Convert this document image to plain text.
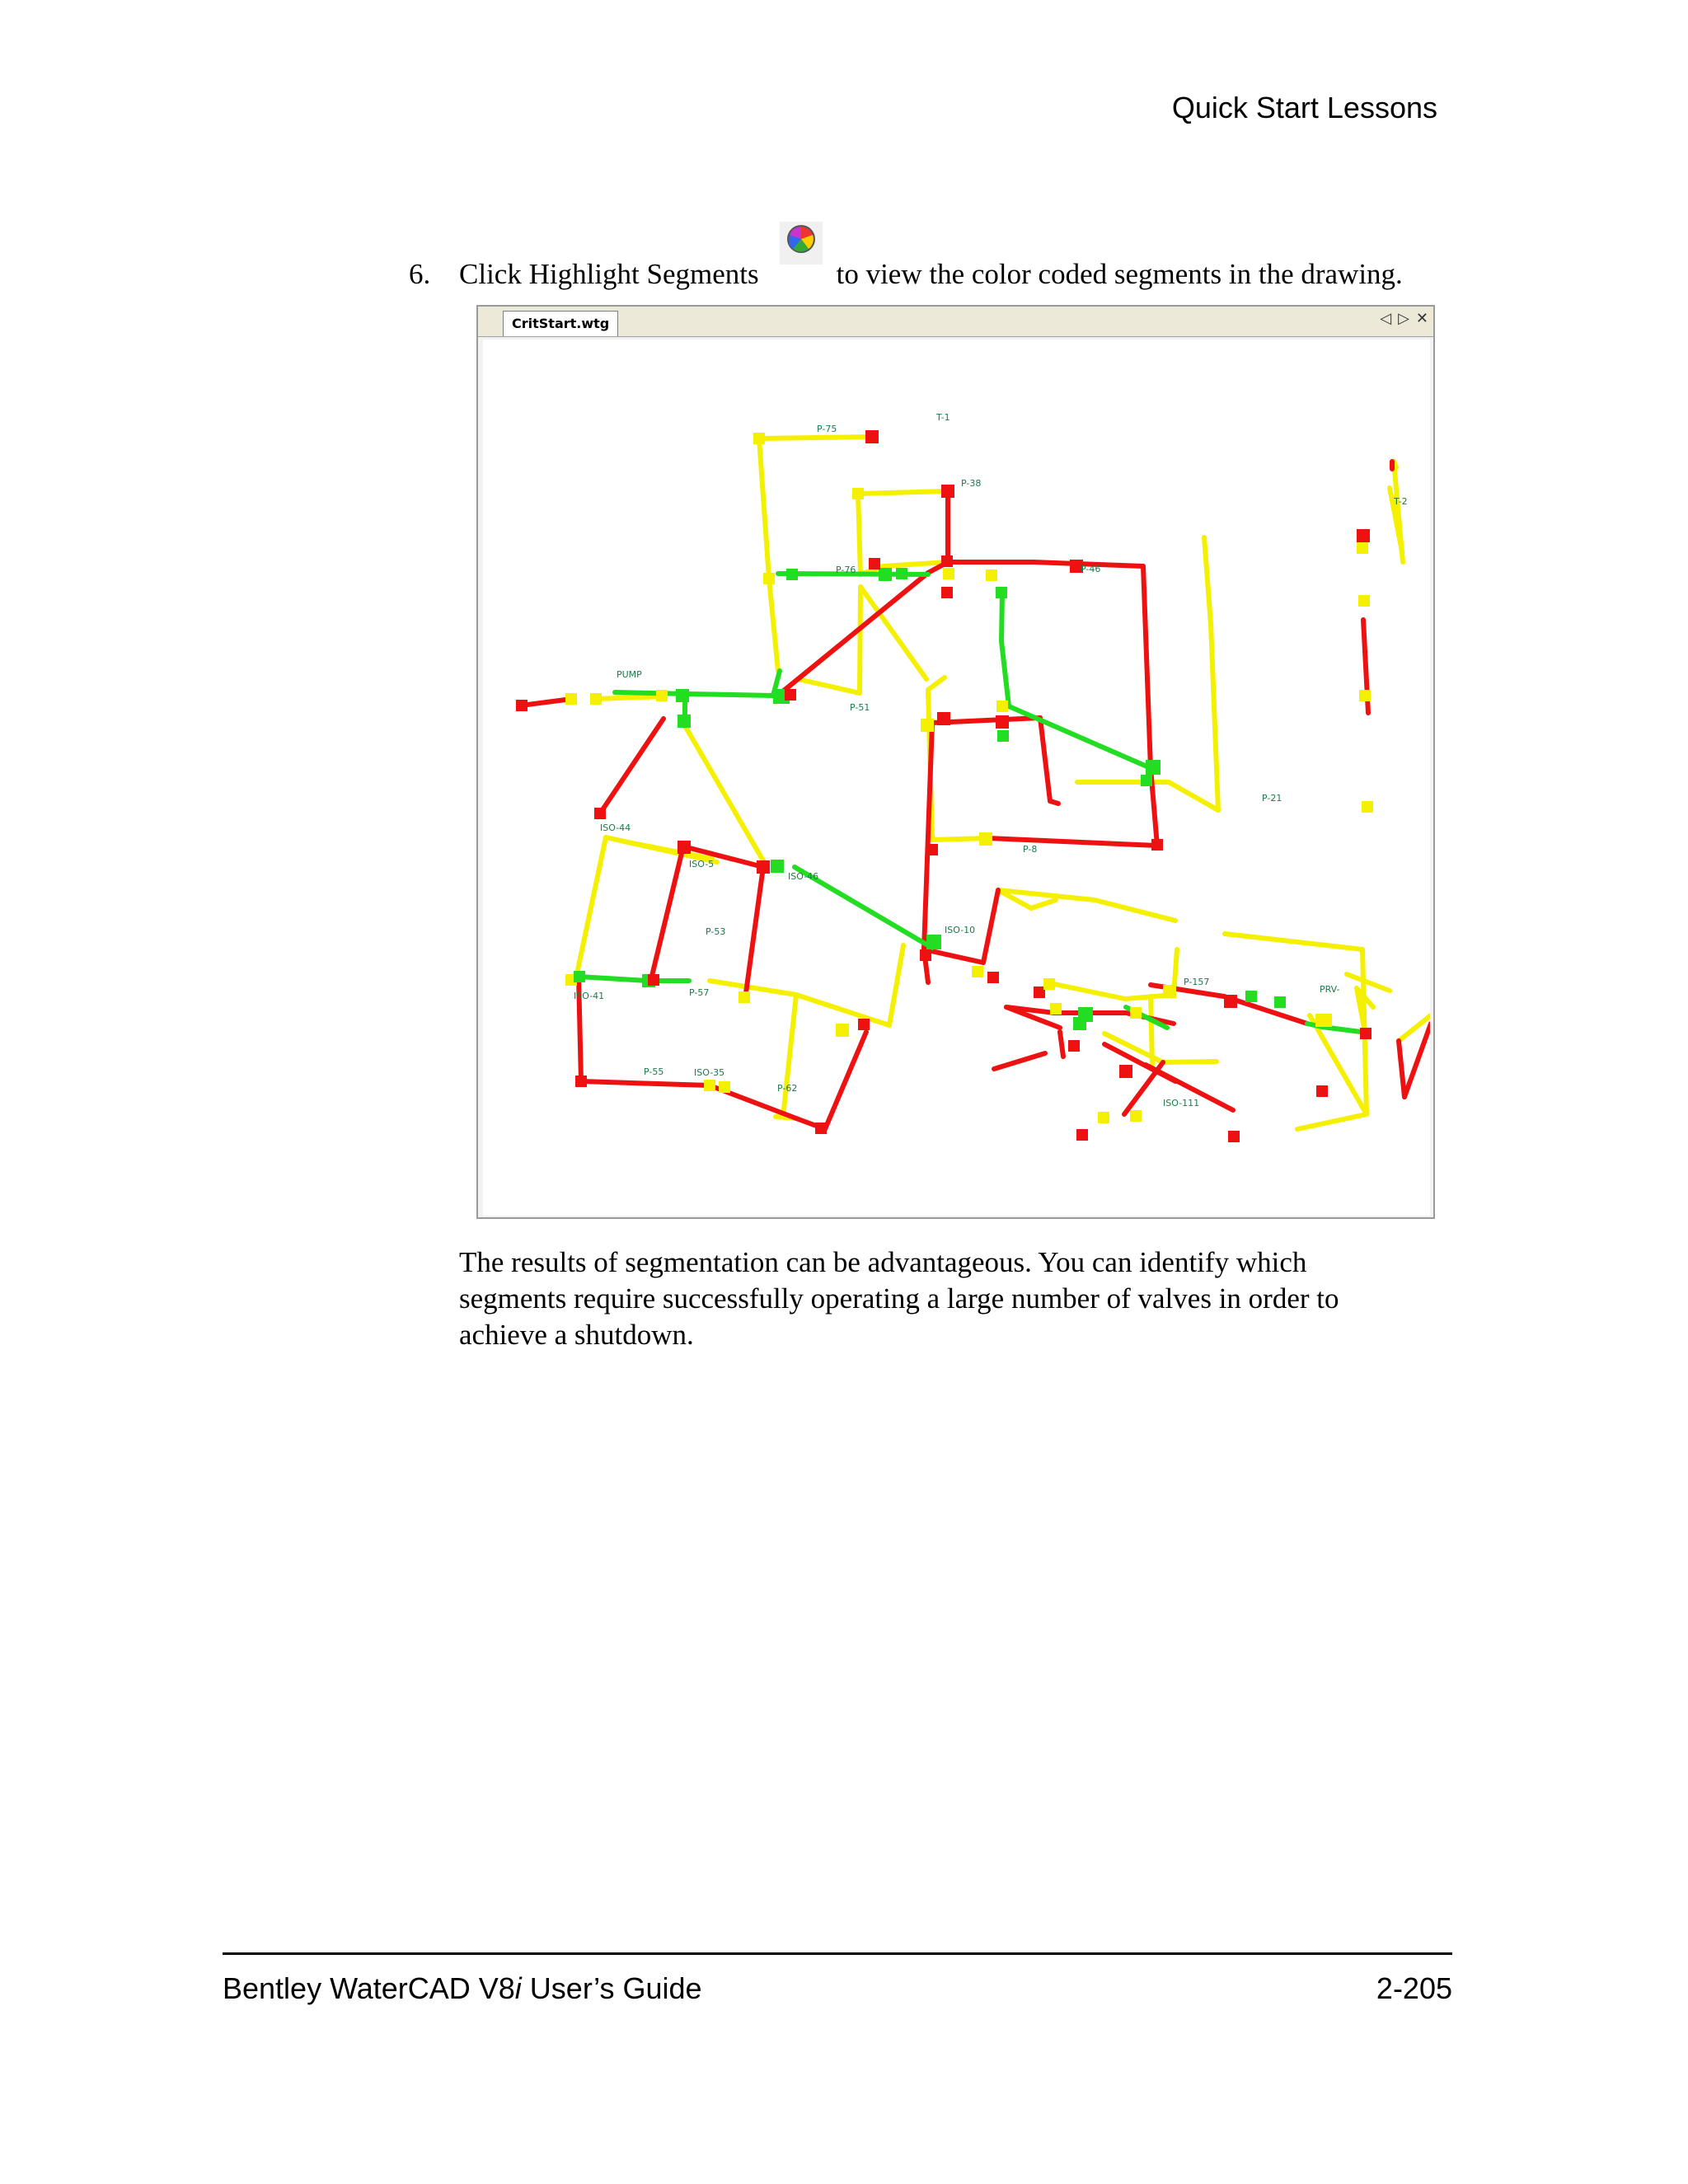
Quick Start Lessons
6. Click Highlight Segments	to view the color coded segments in the drawing.
CritStart.wtg	◁ ▷ ✕
T-1
P-75
P-38
T-2
P-76	P-46
PUMP
P-51
P-21
P-53
P-8
ISO-44
ISO-5
ISO-46
ISO-10
ISO-41	P-57
ISO-35
P-55
P-62
PRV-
P-157
ISO-111
The results of segmentation can be advantageous. You can identify which segments require successfully operating a large number of valves in order to achieve a shutdown.
Bentley WaterCAD V8i User’s Guide	2-205
